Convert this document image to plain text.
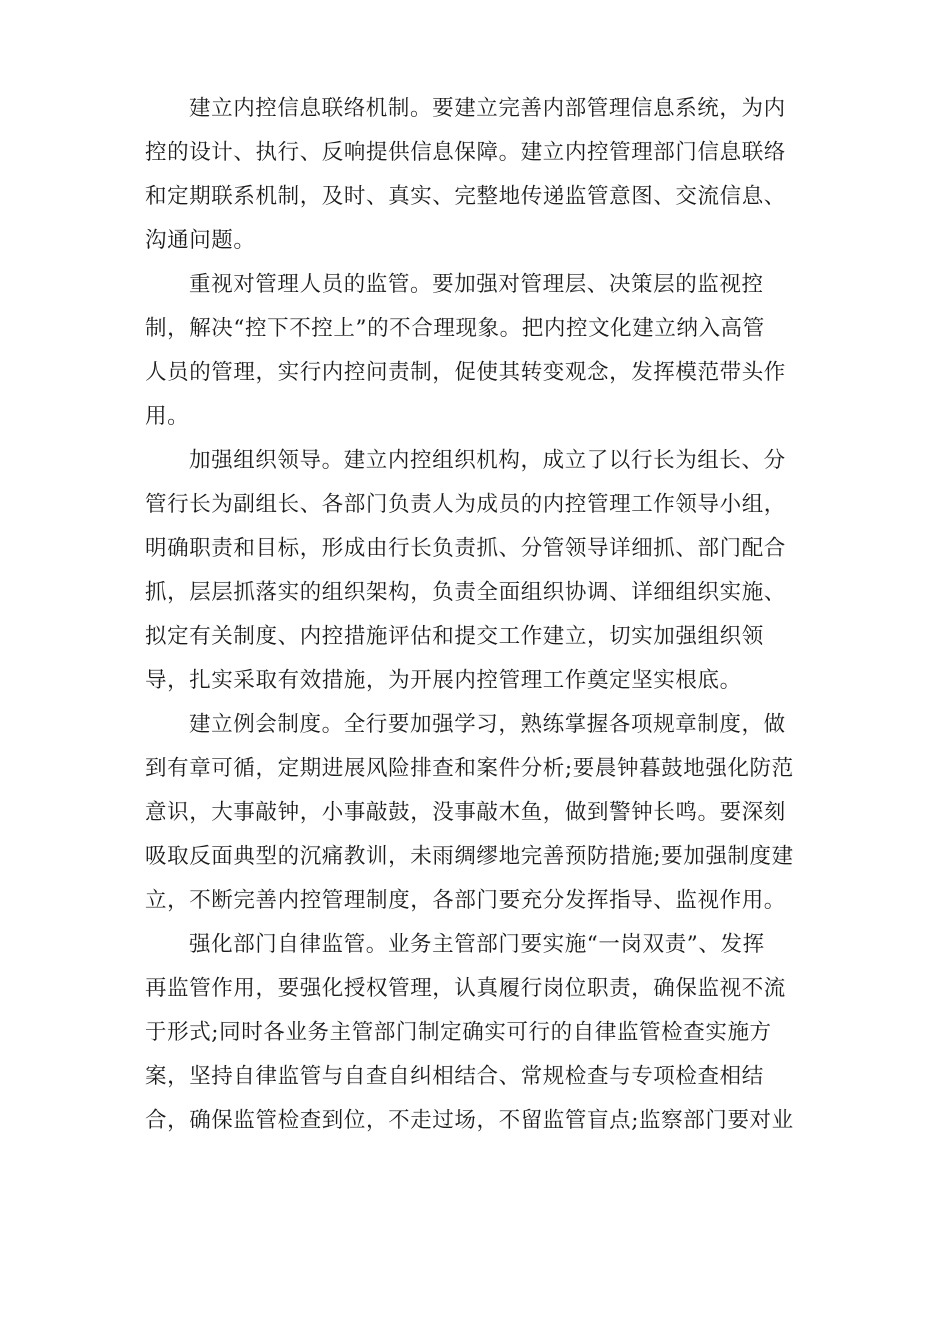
建立内控信息联络机制。要建立完善内部管理信息系统，为内
控的设计、执行、反响提供信息保障。建立内控管理部门信息联络
和定期联系机制，及时、真实、完整地传递监管意图、交流信息、
沟通问题。
重视对管理人员的监管。要加强对管理层、决策层的监视控
制，解决“控下不控上”的不合理现象。把内控文化建立纳入高管
人员的管理，实行内控问责制，促使其转变观念，发挥模范带头作
用。
加强组织领导。建立内控组织机构，成立了以行长为组长、分
管行长为副组长、各部门负责人为成员的内控管理工作领导小组，
明确职责和目标，形成由行长负责抓、分管领导详细抓、部门配合
抓，层层抓落实的组织架构，负责全面组织协调、详细组织实施、
拟定有关制度、内控措施评估和提交工作建立，切实加强组织领
导，扎实采取有效措施，为开展内控管理工作奠定坚实根底。
建立例会制度。全行要加强学习，熟练掌握各项规章制度，做
到有章可循，定期进展风险排查和案件分析;要晨钟暮鼓地强化防范
意识，大事敲钟，小事敲鼓，没事敲木鱼，做到警钟长鸣。要深刻
吸取反面典型的沉痛教训，未雨绸缪地完善预防措施;要加强制度建
立，不断完善内控管理制度，各部门要充分发挥指导、监视作用。
强化部门自律监管。业务主管部门要实施“一岗双责”、发挥
再监管作用，要强化授权管理，认真履行岗位职责，确保监视不流
于形式;同时各业务主管部门制定确实可行的自律监管检查实施方
案，坚持自律监管与自查自纠相结合、常规检查与专项检查相结
合，确保监管检查到位，不走过场，不留监管盲点;监察部门要对业
